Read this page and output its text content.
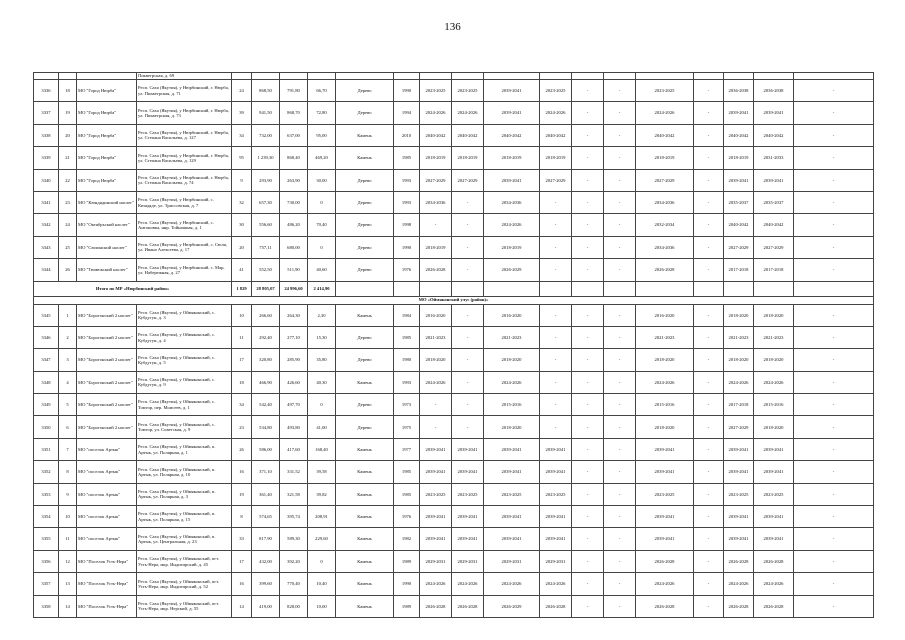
136
			Пиьвегрская, д. 69																	
3336	18	МО "Город Нюрба"	Респ. Саха (Якутия), у Нюрбинский, г. Нюрба, ул. Пиьвегрская, д. 71	24	868,50	791,80	66,70	Дерево	1990	2023-2025	2023-2025	2039-2041	2023-2025	-	-	2023-2025	-	2036-2038	2036-2038	-
3337	19	МО "Город Нюрба"	Респ. Саха (Якутия), у Нюрбинский, г. Нюрба, ул. Пиьвегрская, д. 73	39	941,50	868,70	72,80	Дерево	1994	2024-2026	2024-2026	2039-2041	2024-2026	-	-	2024-2026	-	2039-2041	2039-2041	-
3338	20	МО "Город Нюрба"	Респ. Саха (Якутия), у Нюрбинский, г. Нюрба, ул. Степана Васильева, д. 127	34	732,00	637,00	95,00	Камень	2010	2040-2042	2040-2042	2040-2042	2040-2042	-	-	2040-2042	-	2040-2042	2040-2042	-
3339	21	МО "Город Нюрба"	Респ. Саха (Якутия), у Нюрбинский, г. Нюрба, ул. Степана Васильева, д. 129	95	1 239,30	868,40	469,20	Камень	1985	2018-2019	2018-2019	2018-2019	2018-2019	-	-	2018-2019	-	2018-2019	2031-2033	-
3340	22	МО "Город Нюрба"	Респ. Саха (Якутия), у Нюрбинский, г. Нюрба, ул. Степана Васильева, д. 74	9	293,90	263,90	30,00	Дерево	1993	2027-2029	2027-2029	2039-2041	2027-2029	-	-	2027-2029	-	2039-2041	2039-2041	-
3341	23	МО "Кюндядинский наслег"	Респ. Саха (Якутия), у Нюрбинский, с. Кюндяде, ул. Триссовская, д. 7	32	657,30	730,00	0	Дерево	1993	2034-2036	-	2034-2036	-	-	-	2034-2036	-	2035-2037	2035-2037	-
3342	24	МО "Октябрьский наслег"	Респ. Саха (Якутия), у Нюрбинский, с. Антоновка, ннр. Тойнашкая, д. 1	30	556,60	486,20	70,40	Дерево	1998	-	-	2024-2026	-	-	-	2032-2034	-	2040-2042	2040-2042	-
3343	25	МО "Сюлинский наслег"	Респ. Саха (Якутия), у Нюрбинский, с. Сюля, ул. Ивана Алексеева, д. 17	20	757,11	680,00	0	Дерево	1990	2018-2019	-	2018-2019	-	-	-	2034-2036	-	2027-2029	2027-2029	-
3344	26	МО "Тюмюкский наслег"	Респ. Саха (Якутия), у Нюрбинский, с. Мар, ул. Набережная, д. 27	41	552,50	511,90	40,60	Дерево	1976	2026-2028	-	2026-2029	-	-	-	2026-2028	-	2017-2018	2017-2018	-
Итого по МР «Нюрбинский район»				1 829	28 805,07	24 996,60	2 414,90													
МО «Оймяконский улус (район)»																				
3345	1	МО "Борогонский 2 наслег"	Респ. Саха (Якутия), у Оймяконский, с. Кубдугун, д. 3	10	266,60	264,30	2,30	Камень	1984	2016-2020	-	2016-2020	-	-	-	2016-2020	-	2018-2020	2018-2020	-
3346	2	МО "Борогонский 2 наслег"	Респ. Саха (Якутия), у Оймяконский, с. Кубдугун, д. 4	11	292,40	277,10	15,30	Дерево	1985	2021-2023	-	2021-2023	-	-	-	2021-2023	-	2021-2023	2021-2023	-
3347	3	МО "Борогонский 2 наслег"	Респ. Саха (Якутия), у Оймяконский, с. Кубдугун, д. 5	17	320,80	285,90	35,80	Дерево	1980	2018-2020	-	2018-2020	-	-	-	2018-2020	-	2018-2020	2018-2020	-
3348	4	МО "Борогонский 2 наслег"	Респ. Саха (Якутия), у Оймяконский, с. Кубдугун, д. 9	18	466,90	426,60	40,30	Камень	1993	2024-2026	-	2024-2026	-	-	-	2024-2026	-	2024-2026	2024-2026	-
3349	5	МО "Борогонский 2 наслег"	Респ. Саха (Якутия), у Оймяконский, с. Томтор, пер. Моисеев, д. 1	34	542,40	497,70	0	Дерево	1973	-	-	2015-2016	-	-	-	2015-2016	-	2017-2018	2015-2016	-
3350	6	МО "Борогонский 2 наслег"	Респ. Саха (Якутия), у Оймяконский, с. Томтор, ул. Советская, д. 9	23	534,80	493,80	41,00	Дерево	1975	-	-	2018-2020	-	-	-	2018-2020	-	2027-2029	2018-2020	-
3351	7	МО "поселок Артык"	Респ. Саха (Якутия), у Оймяконский, п. Артык, ул. Полярная, д. 1	26	586,00	417,60	168,40	Камень	1977	2039-2041	2039-2041	2039-2041	2039-2041	-	-	2039-2041	-	2039-2041	2039-2041	-
3352	8	МО "поселок Артык"	Респ. Саха (Якутия), у Оймяконский, п. Артык, ул. Полярная, д. 10	16	371,10	331,52	39,58	Камень	1985	2039-2041	2039-2041	2039-2041	2039-2041	-	-	2039-2041	-	2039-2041	2039-2041	-
3353	9	МО "поселок Артык"	Респ. Саха (Якутия), у Оймяконский, п. Артык, ул. Полярная, д. 3	19	361,40	321,58	39,82	Камень	1985	2023-2025	2023-2025	2023-2025	2023-2025	-	-	2023-2025	-	2023-2025	2023-2025	-
3354	10	МО "поселок Артык"	Респ. Саха (Якутия), у Оймяконский, п. Артык, ул. Полярная, д. 15	8	574,65	395,74	208,91	Камень	1976	2039-2041	2039-2041	2039-2041	2039-2041	-	-	2039-2041	-	2039-2041	2039-2041	-
3355	11	МО "поселок Артык"	Респ. Саха (Якутия), у Оймяконский, п. Артык, ул. Центральная, д. 23	33	817,90	589,30	229,60	Камень	1982	2039-2041	2039-2041	2039-2041	2039-2041	-	-	2039-2041	-	2039-2041	2039-2041	-
3356	12	МО "Поселок Усть-Нера"	Респ. Саха (Якутия), у Оймяконский, пгт. Усть-Нера, мкр. Индигирский, д. 45	17	432,00	392,20	0	Камень	1989	2029-2031	2029-2031	2029-2031	2029-2031	-	-	2026-2028	-	2026-2028	2026-2028	-
3357	13	МО "Поселок Усть-Нера"	Респ. Саха (Якутия), у Оймяконский, пгт. Усть-Нера, мкр. Индигирский, д. 52	16	399,60	770,40	10,40	Камень	1990	2024-2026	2024-2026	2024-2026	2024-2026	-	-	2024-2026	-	2024-2026	2024-2026	-
3358	14	МО "Поселок Усть-Нера"	Респ. Саха (Якутия), у Оймяконский, пгт. Усть-Нера, мкр. Нерский, д. 55	14	419,00	828,00	10,00	Камень	1989	2026-2028	2026-2028	2026-2029	2026-2028	-	-	2026-2028	-	2026-2028	2026-2028	-
